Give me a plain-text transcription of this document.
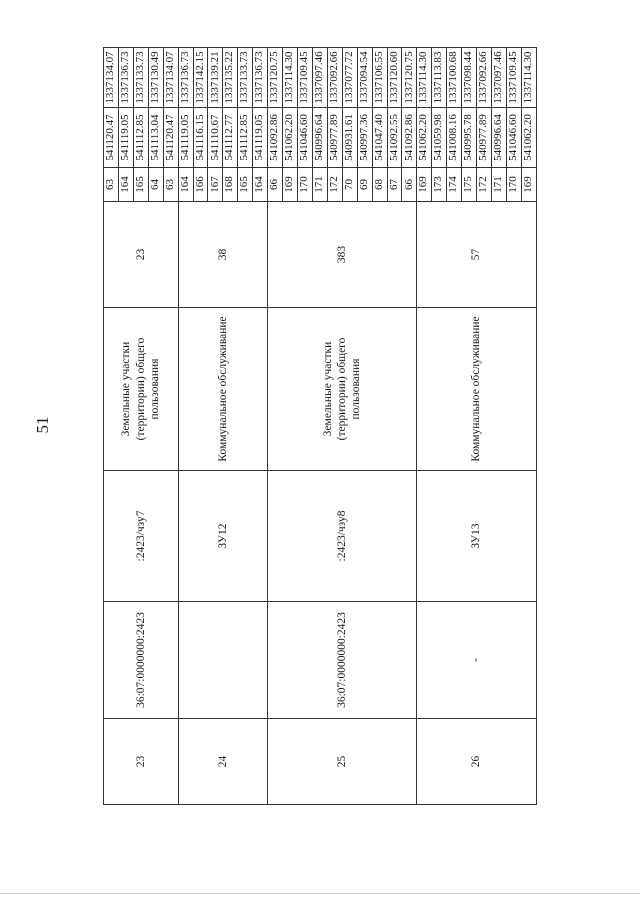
51
23	36:07:0000000:2423	:2423/чзу7	Земельные участки (территории) общего пользования	23	63	541120.47	1337134.07
					164	541119.05	1337136.73
					165	541112.85	1337133.73
					64	541113.04	1337130.49
					63	541120.47	1337134.07
24		ЗУ12	Коммунальное обслуживание	38	164	541119.05	1337136.73
					166	541116.15	1337142.15
					167	541110.67	1337139.21
					168	541112.77	1337135.22
					165	541112.85	1337133.73
					164	541119.05	1337136.73
25	36:07:0000000:2423	:2423/чзу8	Земельные участки (территории) общего пользования	383	66	541092.86	1337120.75
					169	541062.20	1337114.30
					170	541046.60	1337109.45
					171	540996.64	1337097.46
					172	540977.89	1337092.66
					70	540931.61	1337077.72
					69	540997.36	1337094.54
					68	541047.40	1337106.55
					67	541092.55	1337120.60
					66	541092.86	1337120.75
26	-	ЗУ13	Коммунальное обслуживание	57	169	541062.20	1337114.30
					173	541059.98	1337113.83
					174	541008.16	1337100.68
					175	540995.78	1337098.44
					172	540977.89	1337092.66
					171	540996.64	1337097.46
					170	541046.60	1337109.45
					169	541062.20	1337114.30
